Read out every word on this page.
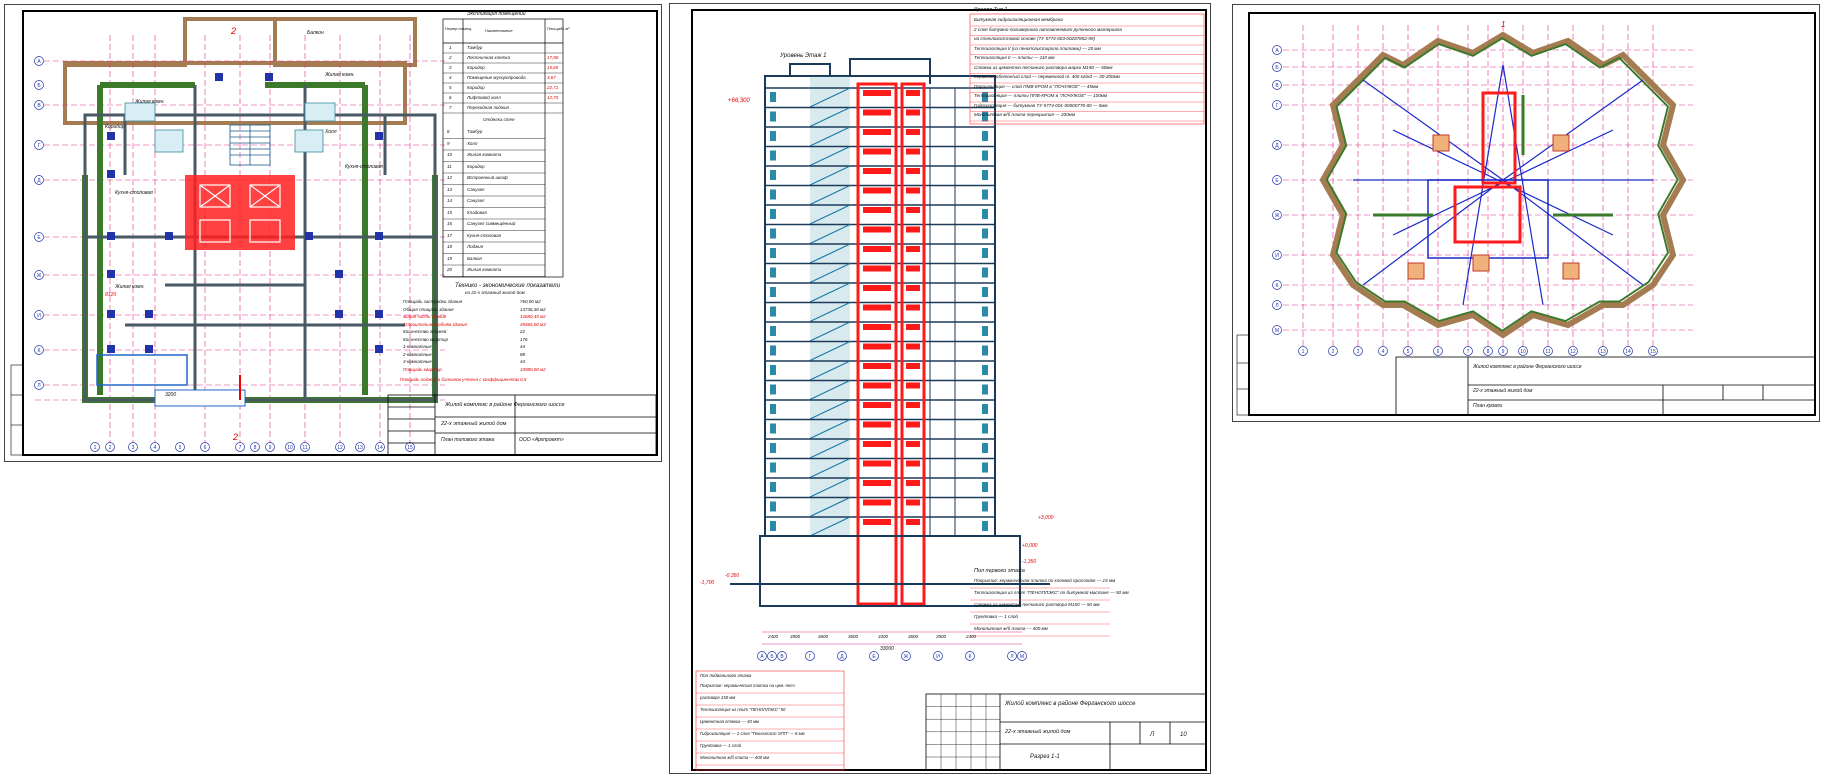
1 2	3	4	5	6	7 8 9	10 11	12	13	14	15
А
Б
В
Г
Д
Е
Ж
И
К
Л
2
2
Балкон
Жилая комн.
Жилая комн.
Коридор
Холл
Кухня-столовая
Жилая комн.
Кухня-столовая
8120
3200
Экспликация помещений
Номер помещ.	Наименование	Площадь м²
1	Тамбур	-
2	Лестничная клетка	17,90
3	Коридор	15,65
4	Помещение мусоропровода	3,67
5	Коридор	22,71
6	Лифтовой холл	12,75
7	Переходная лоджия
8	Тамбур
9	Холл
10	Жилая комната
11	Коридор
12	Встроенный шкаф
13	Санузел
14	Санузел
15	Кладовая
16	Санузел совмещённый
17	Кухня-столовая
18	Лоджия
19	Балкон
20	Жилая комната
Отделка стен
Технико - экономические показатели
на 22-х этажный жилой дом
Площадь застройки здания	760,00 м2
Общая площадь здания	13736,36 м2
жилая часть здания	12680,45 м2
Строительный объём здания	49365,00 м3
Количество этажей	22
Количество квартир	176
1-комнатные	44
2-комнатные	88
3-комнатные	44
Площадь квартир	10980,00 м2
Площадь лоджий и балконов учтена с коэффициентом 0,5
Жилой комплекс в районе Ферганского шоссе
22-х этажный жилой дом
План типового этажа	ООО «Архпроект»
А Б В	Г	Д	Е	Ж	И	К	Л М
Уровень Этаж 1
+66,300
+3,000
+0,000
-1,350
-0,350
-1,700
Кровля Тип 1
Битумная гидроизоляционная мембрана
2 слоя битумно-полимерного наплавляемого рулонного материала
на стеклохолстовой основе (ТУ 5774-003-00287852-99)
Теплоизоляция II (из пенополистирола плитами) — 20 мм
Теплоизоляция II — плиты — 110 мм
Стяжка из цементно-песчаного раствора марки М150 — 50мм
Керамзитобетон/ый слой — переменной т. 400 кг/м3 — 30-200мм
Пароизоляция — слой ПМВ-КРОМ в "ЛОЧУЖОЕ" — 45мм
Теплоизоляция — плиты ППВ-КРОМ в "ЛОЧУЖОЕ" — 100мм
Гидроизоляция — битумная ТУ 5774-001-00000778-00 — 5мм
Монолитная ж/б плита перекрытия — 200мм
Пол первого этажа
Покрытие: керамическая плитка по клеевой прослойке — 15 мм
Теплоизоляция из плит "ПЕНОПЛЭКС" по битумной мастике — 50 мм
Стяжка из цементно-песчаного раствора М150 — 50 мм
Грунтовка — 1 слой
Монолитная ж/б плита — 400 мм
Пол подвального этажа
Покрытие: керамическая плитка на цем.-песч.
растворе 150 мм
Теплоизоляция из плит "ПЕНОПЛЭКС" 50
Цементная стяжка — 40 мм
Гидроизоляция — 2 слоя "Техноэласт ЭПП" — 8 мм
Грунтовка — 1 слой
Монолитная ж/б плита — 400 мм
2400	3900	3600	3600	3300	3600	3900	2400
33000
Жилой комплекс в районе Ферганского шоссе
22-х этажный жилой дом
Разрез 1-1
Л	10
А
Б
В
Г
Д
Е
Ж
И
К
Л
М
1	2	3	4	5	6	7	8 9	10	11	12	13	14	15
1
Жилой комплекс в районе Ферганского шоссе
22-х этажный жилой дом
План кровли
